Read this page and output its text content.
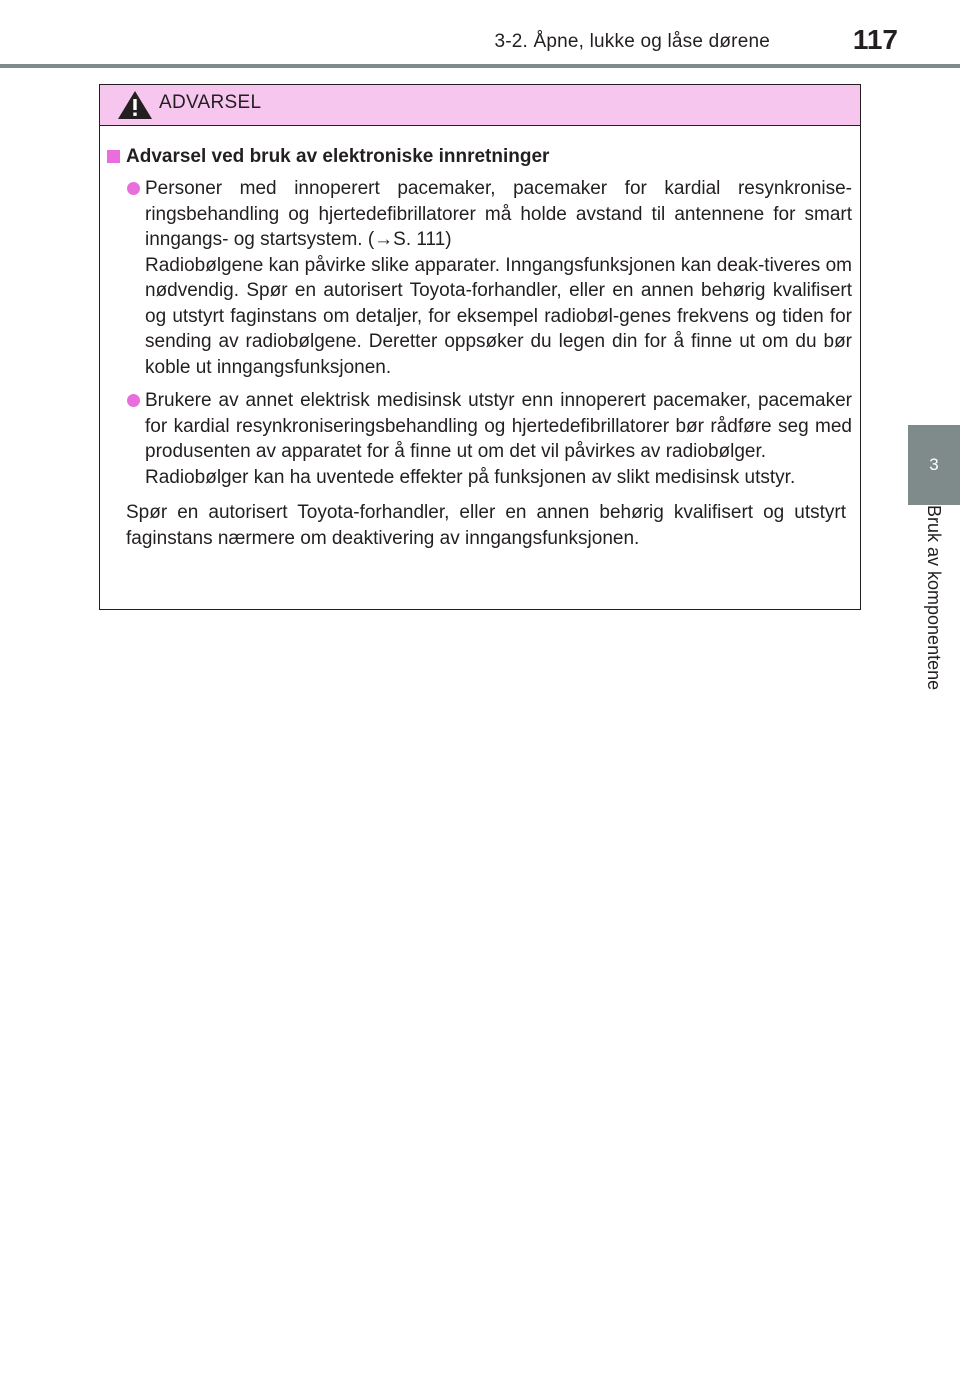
3-2. Åpne, lukke og låse dørene	117
3
Bruk av komponentene
ADVARSEL
Advarsel ved bruk av elektroniske innretninger
Personer med innoperert pacemaker, pacemaker for kardial resynkronise-ringsbehandling og hjertedefibrillatorer må holde avstand til antennene for smart inngangs- og startsystem. (→S. 111)
Radiobølgene kan påvirke slike apparater. Inngangsfunksjonen kan deak-tiveres om nødvendig. Spør en autorisert Toyota-forhandler, eller en annen behørig kvalifisert og utstyrt faginstans om detaljer, for eksempel radiobøl-genes frekvens og tiden for sending av radiobølgene. Deretter oppsøker du legen din for å finne ut om du bør koble ut inngangsfunksjonen.
Brukere av annet elektrisk medisinsk utstyr enn innoperert pacemaker, pacemaker for kardial resynkroniseringsbehandling og hjertedefibrillatorer bør rådføre seg med produsenten av apparatet for å finne ut om det vil påvirkes av radiobølger.
Radiobølger kan ha uventede effekter på funksjonen av slikt medisinsk utstyr.
Spør en autorisert Toyota-forhandler, eller en annen behørig kvalifisert og utstyrt faginstans nærmere om deaktivering av inngangsfunksjonen.
